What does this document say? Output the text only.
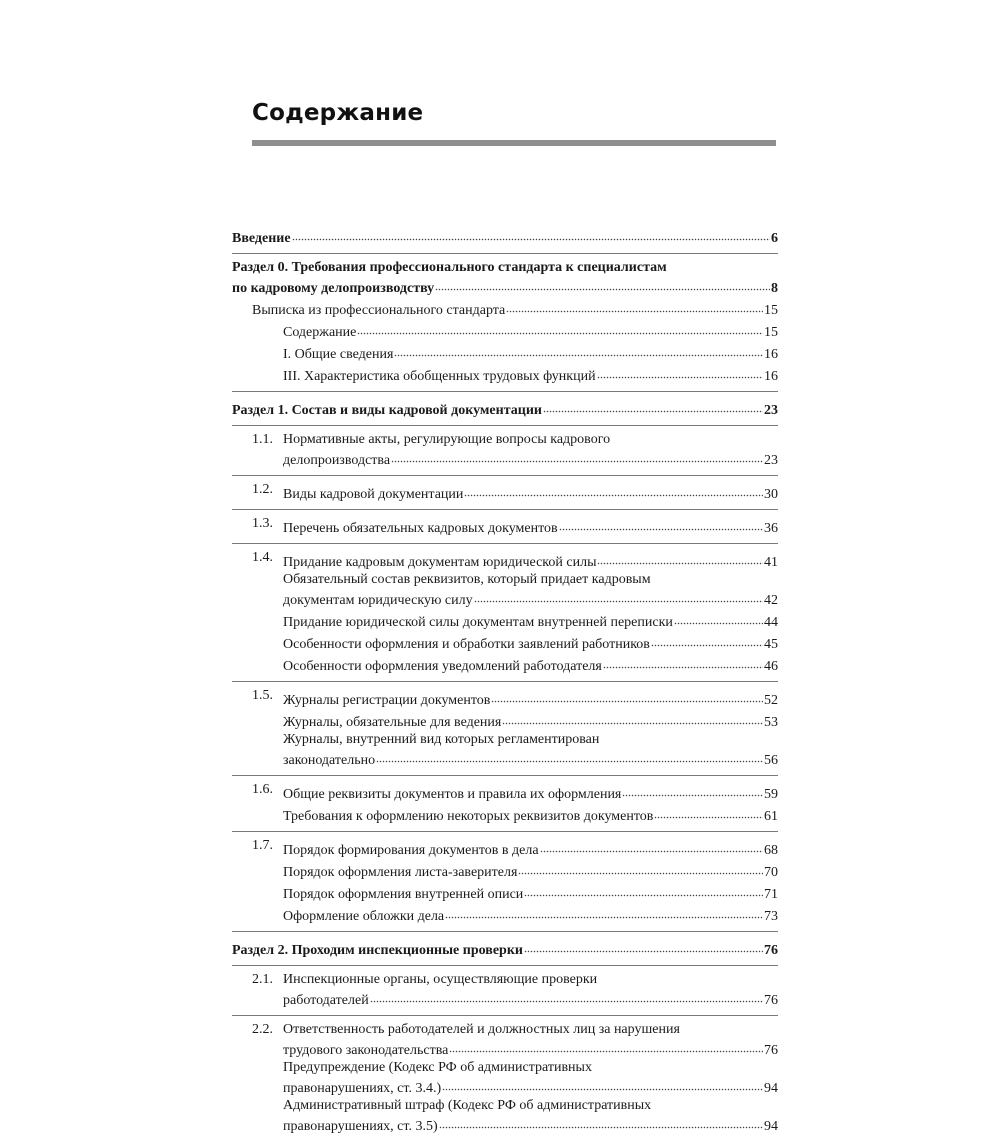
Содержание
Введение	6
Раздел 0. Требования профессионального стандарта к специалистам
по кадровому делопроизводству	8
Выписка из профессионального стандарта	15
Содержание	15
I. Общие сведения	16
III. Характеристика обобщенных трудовых функций	16
Раздел 1. Состав и виды кадровой документации	23
1.1. Нормативные акты, регулирующие вопросы кадрового
делопроизводства	23
1.2. Виды кадровой документации	30
1.3. Перечень обязательных кадровых документов	36
1.4. Придание кадровым документам юридической силы	41
Обязательный состав реквизитов, который придает кадровым
документам юридическую силу	42
Придание юридической силы документам внутренней переписки	44
Особенности оформления и обработки заявлений работников	45
Особенности оформления уведомлений работодателя	46
1.5. Журналы регистрации документов	52
Журналы, обязательные для ведения	53
Журналы, внутренний вид которых регламентирован
законодательно	56
1.6. Общие реквизиты документов и правила их оформления	59
Требования к оформлению некоторых реквизитов документов	61
1.7. Порядок формирования документов в дела	68
Порядок оформления листа-заверителя	70
Порядок оформления внутренней описи	71
Оформление обложки дела	73
Раздел 2. Проходим инспекционные проверки	76
2.1. Инспекционные органы, осуществляющие проверки
работодателей	76
2.2. Ответственность работодателей и должностных лиц за нарушения
трудового законодательства	76
Предупреждение (Кодекс РФ об административных
правонарушениях, ст. 3.4.)	94
Административный штраф (Кодекс РФ об административных
правонарушениях, ст. 3.5)	94
